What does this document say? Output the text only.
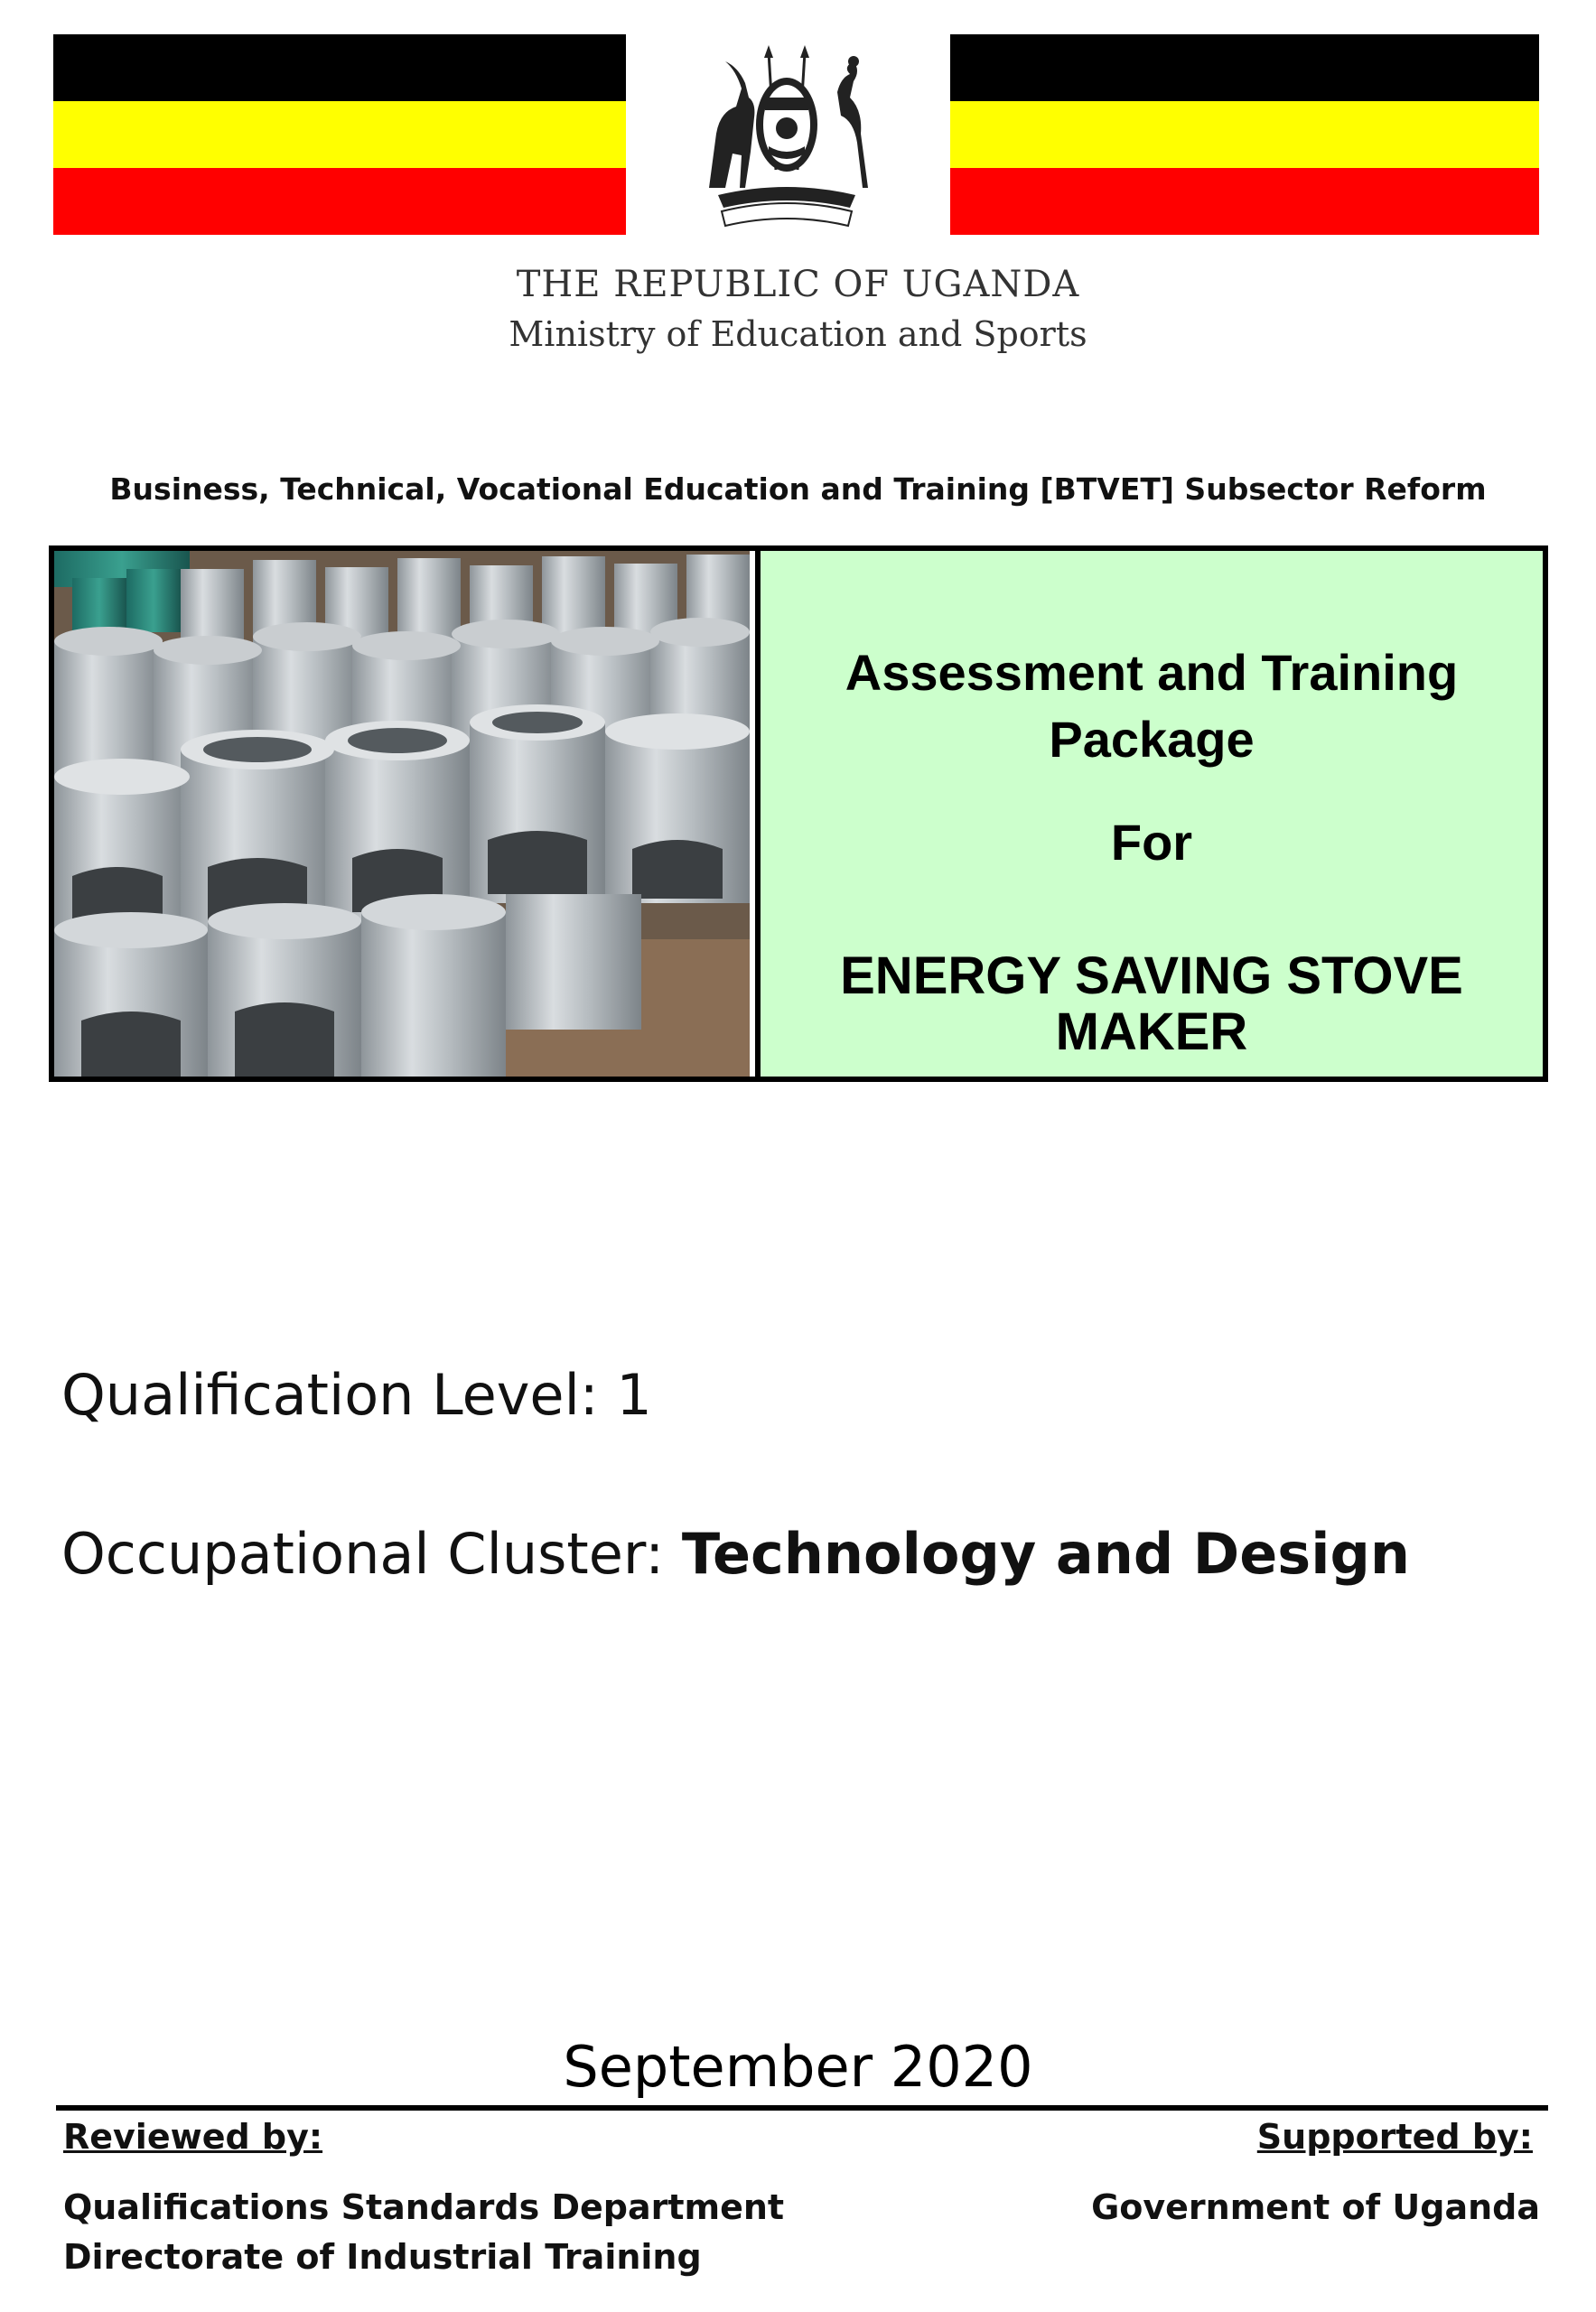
THE REPUBLIC OF UGANDA
Ministry of Education and Sports
Business, Technical, Vocational Education and Training [BTVET] Subsector Reform
Assessment and Training
Package
For
ENERGY SAVING STOVE
MAKER
Qualification Level: 1
Occupational Cluster: Technology and Design
September 2020
Reviewed by:	Supported by:
Qualifications Standards Department
Directorate of Industrial Training
Government of Uganda
